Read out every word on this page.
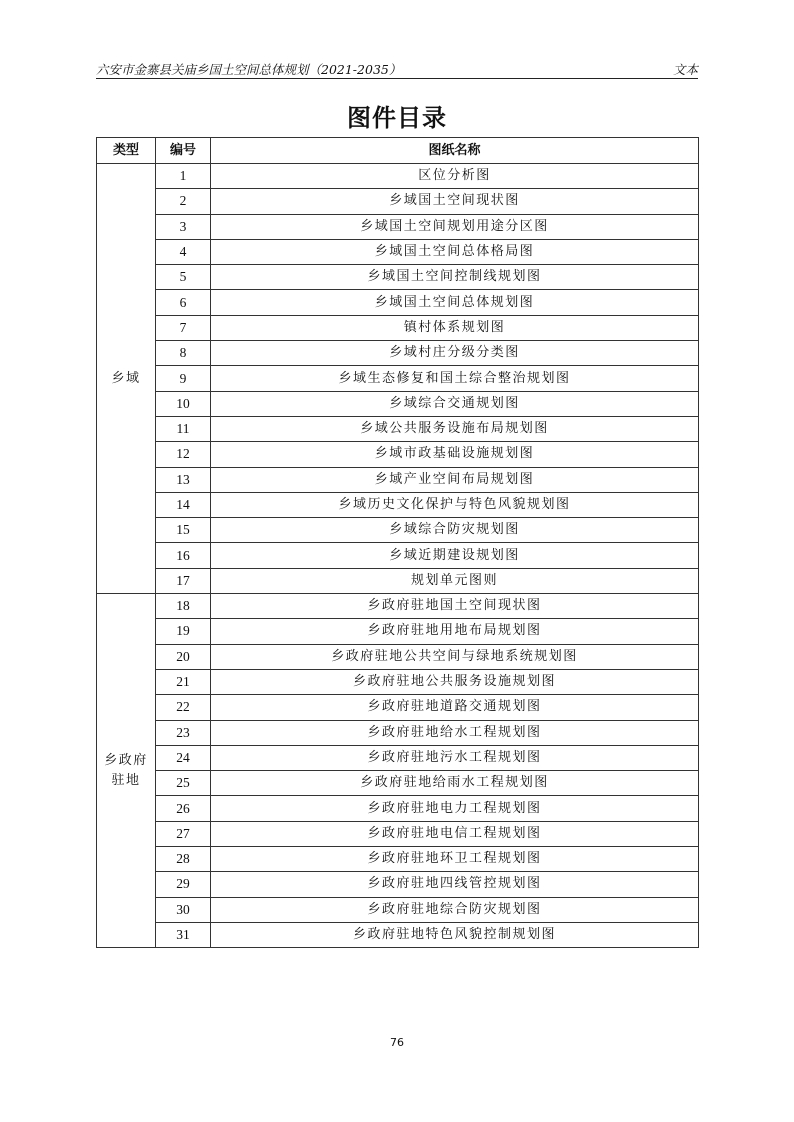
六安市金寨县关庙乡国土空间总体规划（2021-2035）	文本
图件目录
类型	编号	图纸名称
乡域	1	区位分析图
	2	乡域国土空间现状图
	3	乡域国土空间规划用途分区图
	4	乡域国土空间总体格局图
	5	乡域国土空间控制线规划图
	6	乡域国土空间总体规划图
	7	镇村体系规划图
	8	乡域村庄分级分类图
	9	乡域生态修复和国土综合整治规划图
	10	乡域综合交通规划图
	11	乡域公共服务设施布局规划图
	12	乡域市政基础设施规划图
	13	乡域产业空间布局规划图
	14	乡域历史文化保护与特色风貌规划图
	15	乡域综合防灾规划图
	16	乡域近期建设规划图
	17	规划单元图则
乡政府
驻地	18	乡政府驻地国土空间现状图
	19	乡政府驻地用地布局规划图
	20	乡政府驻地公共空间与绿地系统规划图
	21	乡政府驻地公共服务设施规划图
	22	乡政府驻地道路交通规划图
	23	乡政府驻地给水工程规划图
	24	乡政府驻地污水工程规划图
	25	乡政府驻地给雨水工程规划图
	26	乡政府驻地电力工程规划图
	27	乡政府驻地电信工程规划图
	28	乡政府驻地环卫工程规划图
	29	乡政府驻地四线管控规划图
	30	乡政府驻地综合防灾规划图
	31	乡政府驻地特色风貌控制规划图
76
